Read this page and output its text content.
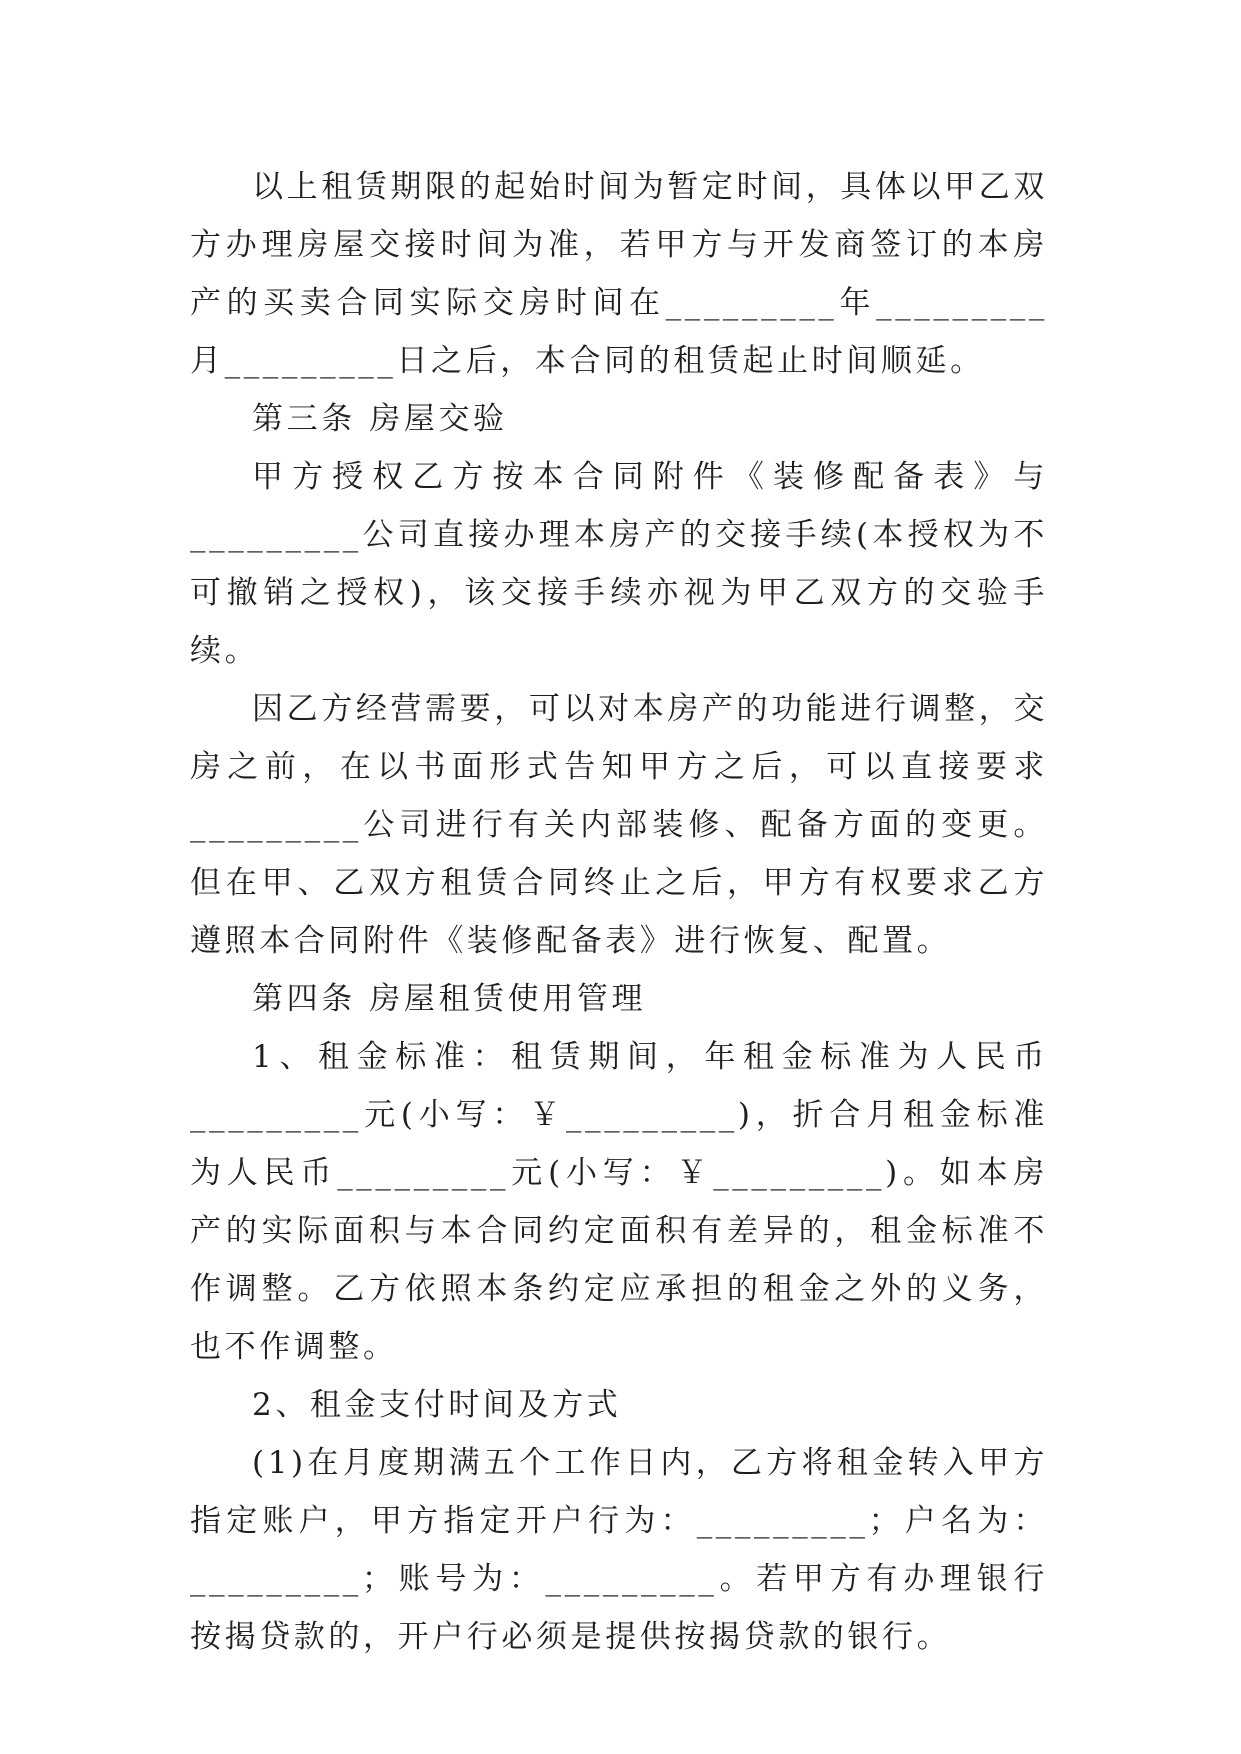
以上租赁期限的起始时间为暂定时间，具体以甲乙双方办理房屋交接时间为准，若甲方与开发商签订的本房产的买卖合同实际交房时间在_________年_________月_________日之后，本合同的租赁起止时间顺延。

第三条 房屋交验

甲方授权乙方按本合同附件《装修配备表》与_________公司直接办理本房产的交接手续(本授权为不可撤销之授权)，该交接手续亦视为甲乙双方的交验手续。

因乙方经营需要，可以对本房产的功能进行调整，交房之前，在以书面形式告知甲方之后，可以直接要求_________公司进行有关内部装修、配备方面的变更。但在甲、乙双方租赁合同终止之后，甲方有权要求乙方遵照本合同附件《装修配备表》进行恢复、配置。

第四条 房屋租赁使用管理

1、租金标准：租赁期间，年租金标准为人民币_________元(小写：￥_________)，折合月租金标准为人民币_________元(小写：￥_________)。如本房产的实际面积与本合同约定面积有差异的，租金标准不作调整。乙方依照本条约定应承担的租金之外的义务，也不作调整。

2、租金支付时间及方式

(1)在月度期满五个工作日内，乙方将租金转入甲方指定账户，甲方指定开户行为：_________；户名为：_________；账号为：_________。若甲方有办理银行按揭贷款的，开户行必须是提供按揭贷款的银行。
